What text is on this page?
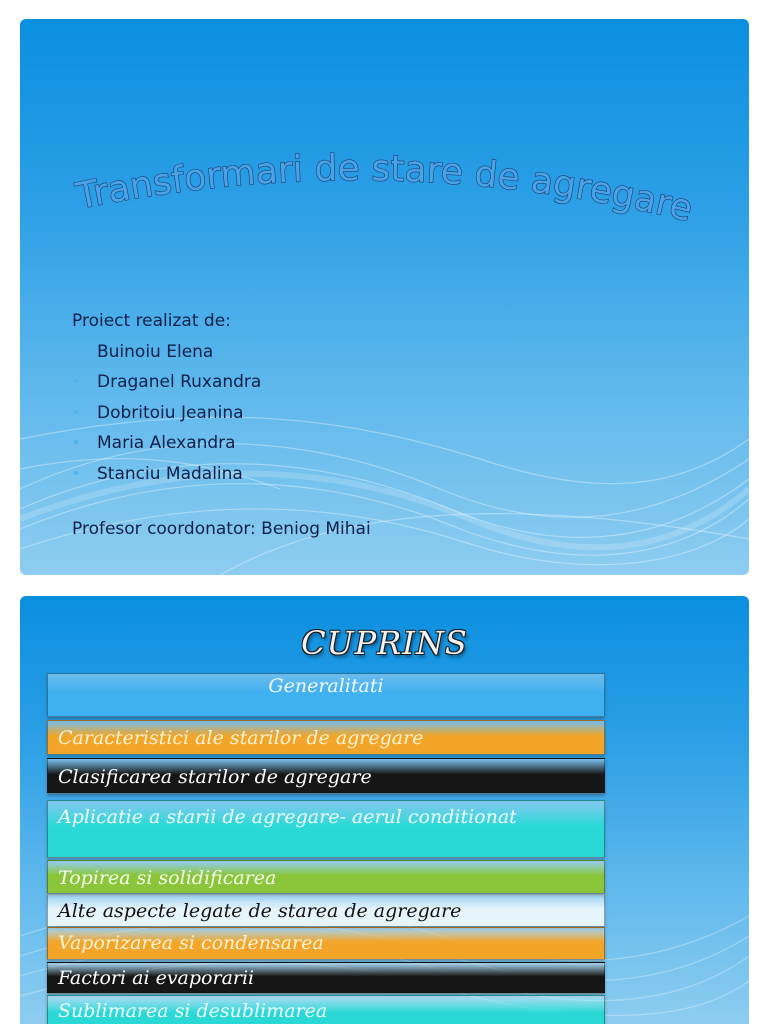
Transformari de stare de agregare
Proiect realizat de:
• Buinoiu Elena
• Draganel Ruxandra
• Dobritoiu Jeanina
• Maria Alexandra
• Stanciu Madalina
Profesor coordonator: Beniog Mihai
CUPRINS
Generalitati
Caracteristici ale starilor de agregare
Clasificarea starilor de agregare
Aplicatie a starii de agregare- aerul conditionat
Topirea si solidificarea
Alte aspecte legate de starea de agregare
Vaporizarea si condensarea
Factori ai evaporarii
Sublimarea si desublimarea
